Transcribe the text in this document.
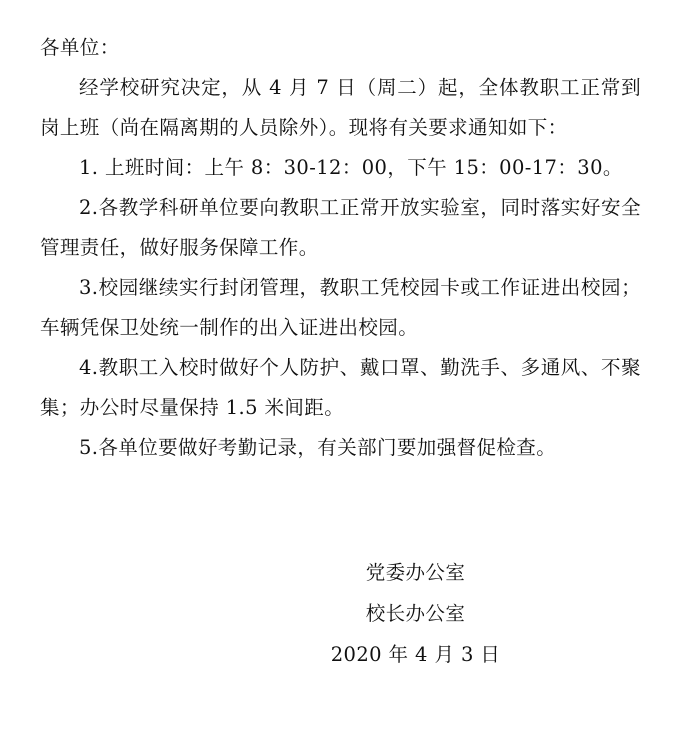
各单位：

经学校研究决定，从 4 月 7 日（周二）起，全体教职工正常到岗上班（尚在隔离期的人员除外）。现将有关要求通知如下：

1. 上班时间：上午 8：30-12：00，下午 15：00-17：30。

2.各教学科研单位要向教职工正常开放实验室，同时落实好安全管理责任，做好服务保障工作。

3.校园继续实行封闭管理，教职工凭校园卡或工作证进出校园；车辆凭保卫处统一制作的出入证进出校园。

4.教职工入校时做好个人防护、戴口罩、勤洗手、多通风、不聚集；办公时尽量保持 1.5 米间距。

5.各单位要做好考勤记录，有关部门要加强督促检查。

党委办公室

校长办公室

2020 年 4 月 3 日
